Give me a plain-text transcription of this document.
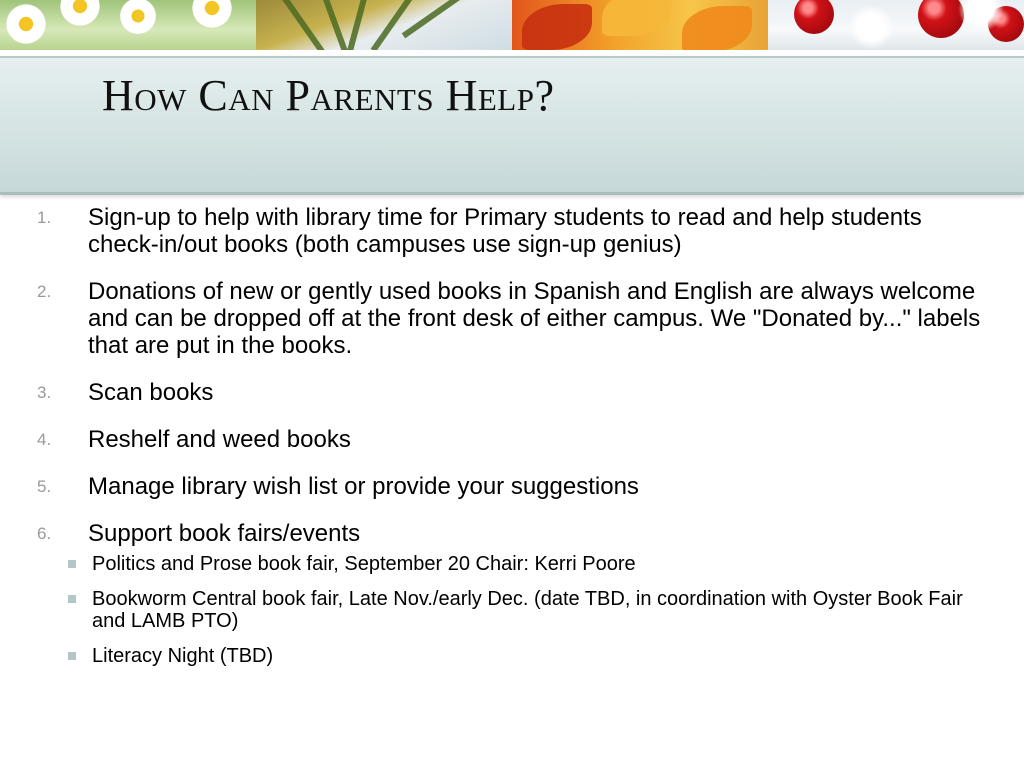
How Can Parents Help?
1.	Sign-up to help with library time for Primary students to read and help students check-in/out books (both campuses use sign-up genius)
2.	Donations of new or gently used books in Spanish and English are always welcome and can be dropped off at the front desk of either campus. We "Donated by..." labels that are put in the books.
3.	Scan books
4.	Reshelf and weed books
5.	Manage library wish list or provide your suggestions
6.	Support book fairs/events
Politics and Prose book fair, September 20 Chair: Kerri Poore
Bookworm Central book fair, Late Nov./early Dec. (date TBD, in coordination with Oyster Book Fair and LAMB PTO)
Literacy Night (TBD)
